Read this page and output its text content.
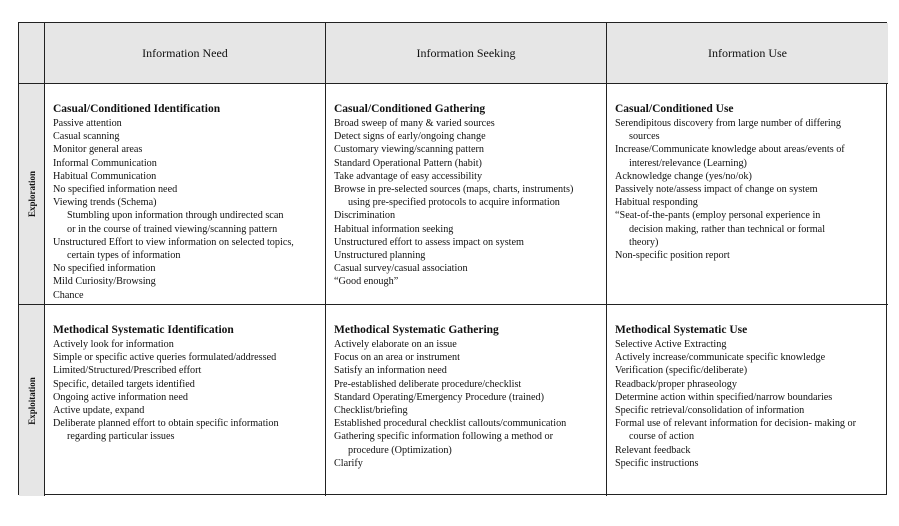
Information Need	Information Seeking	Information Use
Exploration
Casual/Conditioned Identification
Passive attention
Casual scanning
Monitor general areas
Informal Communication
Habitual Communication
No specified information need
Viewing trends (Schema)
Stumbling upon information through undirected scan
or in the course of trained viewing/scanning pattern
Unstructured Effort to view information on selected topics,
certain types of information
No specified information
Mild Curiosity/Browsing
Chance
Casual/Conditioned Gathering
Broad sweep of many & varied sources
Detect signs of early/ongoing change
Customary viewing/scanning pattern
Standard Operational Pattern (habit)
Take advantage of easy accessibility
Browse in pre-selected sources (maps, charts, instruments)
using pre-specified protocols to acquire information
Discrimination
Habitual information seeking
Unstructured effort to assess impact on system
Unstructured planning
Casual survey/casual association
“Good enough”
Casual/Conditioned Use
Serendipitous discovery from large number of differing
sources
Increase/Communicate knowledge about areas/events of
interest/relevance (Learning)
Acknowledge change (yes/no/ok)
Passively note/assess impact of change on system
Habitual responding
“Seat-of-the-pants (employ personal experience in
decision making, rather than technical or formal
theory)
Non-specific position report
Exploitation
Methodical Systematic Identification
Actively look for information
Simple or specific active queries formulated/addressed
Limited/Structured/Prescribed effort
Specific, detailed targets identified
Ongoing active information need
Active update, expand
Deliberate planned effort to obtain specific information
regarding particular issues
Methodical Systematic Gathering
Actively elaborate on an issue
Focus on an area or instrument
Satisfy an information need
Pre-established deliberate procedure/checklist
Standard Operating/Emergency Procedure (trained)
Checklist/briefing
Established procedural checklist callouts/communication
Gathering specific information following a method or
procedure (Optimization)
Clarify
Methodical Systematic Use
Selective Active Extracting
Actively increase/communicate specific knowledge
Verification (specific/deliberate)
Readback/proper phraseology
Determine action within specified/narrow boundaries
Specific retrieval/consolidation of information
Formal use of relevant information for decision- making or
course of action
Relevant feedback
Specific instructions
